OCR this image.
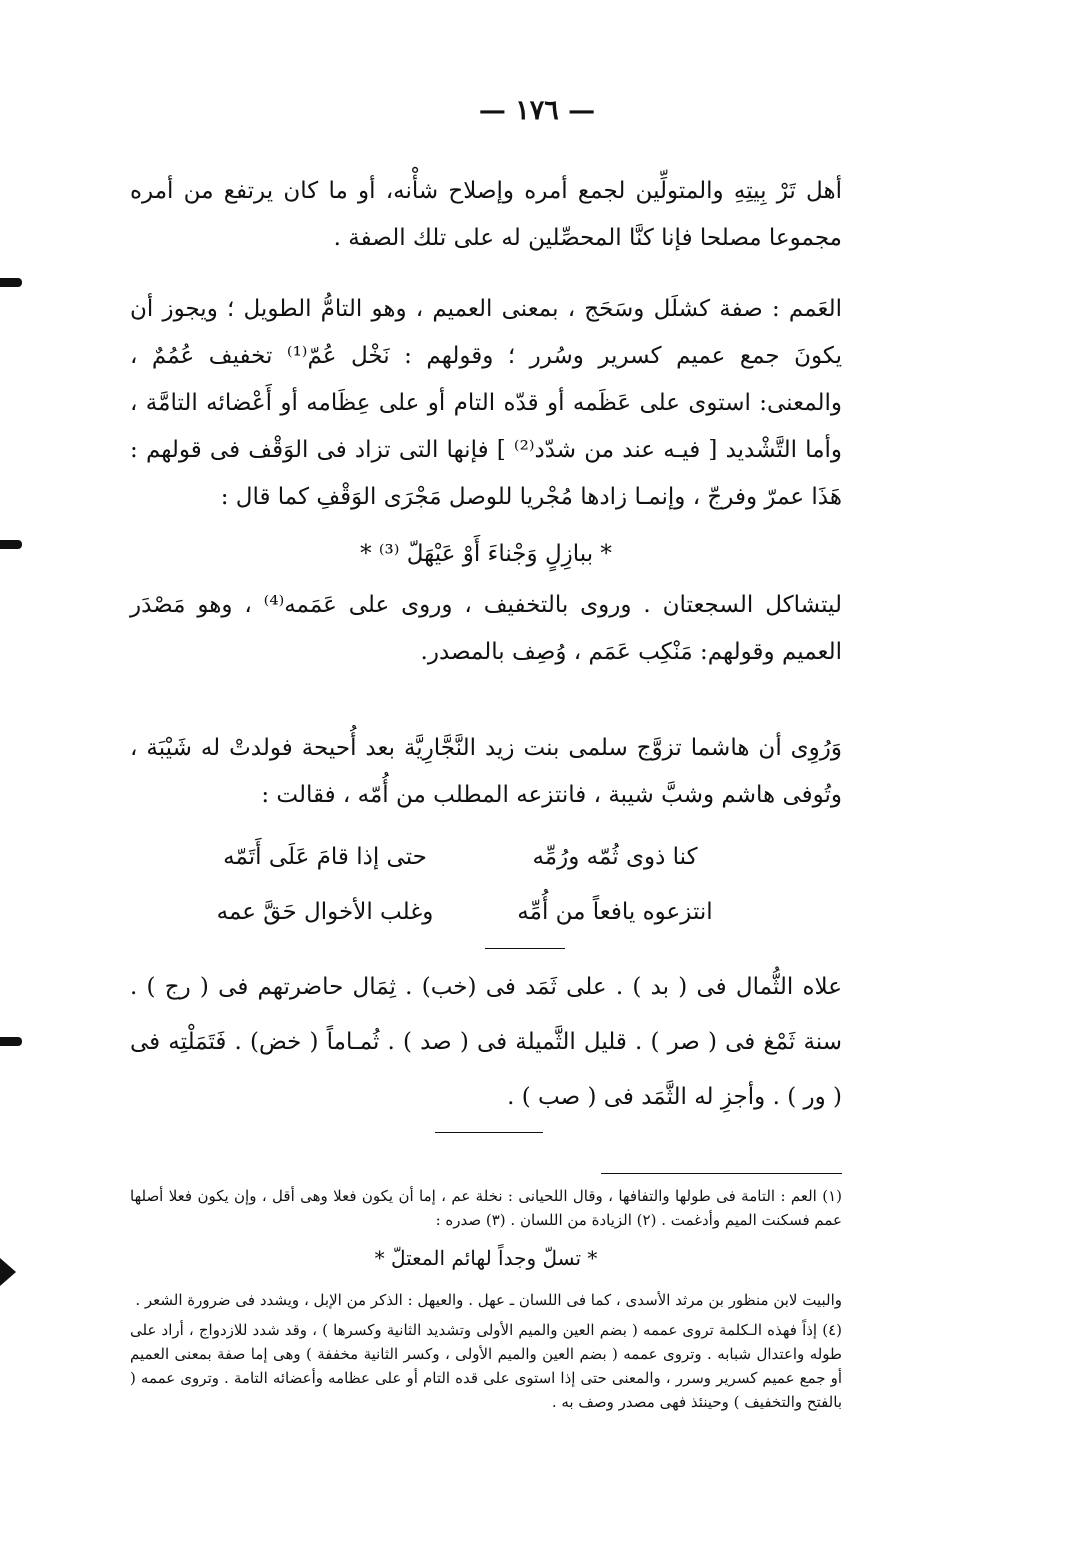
— ١٧٦ —

أهل تَرْ بِيتِهِ والمتولِّين لجمع أمره وإصلاح شأْنه، أو ما كان يرتفع من أمره مجموعا مصلحا فإنا كنَّا المحصِّلين له على تلك الصفة .

العَمم : صفة كشلَل وسَحَج ، بمعنى العميم ، وهو التامُّ الطويل ؛ ويجوز أن يكونَ جمع عميم كسرير وسُرر ؛ وقولهم : نَخْل عُمّ⁽¹⁾ تخفيف عُمُمٌ ، والمعنى: استوى على عَظَمه أو قدّه التام أو على عِظَامه أو أَعْضائه التامَّة ، وأما التَّشْديد [ فيـه عند من شدّد⁽²⁾ ] فإنها التى تزاد فى الوَقْف فى قولهم : هَذَا عمرّ وفرجّ ، وإنمـا زادها مُجْريا للوصل مَجْرَى الوَقْفِ كما قال :

* ببازِلٍ وَجْناءَ أَوْ عَيْهَلّ ⁽³⁾ *

ليتشاكل السجعتان . وروى بالتخفيف ، وروى على عَمَمه⁽⁴⁾ ، وهو مَصْدَر العميم وقولهم: مَنْكِب عَمَم ، وُصِف بالمصدر.

وَرُوِى أن هاشما تزوَّج سلمى بنت زيد النَّجَّارِيَّة بعد أُحيحة فولدتْ له شَيْبَة ، وتُوفى هاشم وشبَّ شيبة ، فانتزعه المطلب من أُمّه ، فقالت :

كنا ذوى ثُمّه ورُمِّه
حتى إذا قامَ عَلَى أَتَمّه
انتزعوه يافعاً من أُمِّه
وغلب الأخوال حَقَّ عمه
علاه الثُّمال فى ( بد ) . على ثَمَد فى (خب) . ثِمَال حاضرتهم فى ( رج ) . سنة ثَمْغ فى ( صر ) . قليل الثَّميلة فى ( صد ) . ثُمـاماً ( خض) . فَتَمَلْتِه فى ( ور ) . وأجزِ له الثَّمَد فى ( صب ) .

(١) العم : التامة فى طولها والتفافها ، وقال اللحيانى : نخلة عم ، إما أن يكون فعلا وهى أقل ، وإن يكون فعلا أصلها عمم فسكنت الميم وأدغمت . (٢) الزيادة من اللسان . (٣) صدره :

* تسلّ وجداً لهائم المعتلّ *

والبيت لابن منظور بن مرثد الأسدى ، كما فى اللسان ـ عهل . والعيهل : الذكر من الإبل ، ويشدد فى ضرورة الشعر .

(٤) إذاً فهذه الـكلمة تروى عممه ( بضم العين والميم الأولى وتشديد الثانية وكسرها ) ، وقد شدد للازدواج ، أراد على طوله واعتدال شبابه . وتروى عممه ( بضم العين والميم الأولى ، وكسر الثانية مخففة ) وهى إما صفة بمعنى العميم أو جمع عميم كسرير وسرر ، والمعنى حتى إذا استوى على قده التام أو على عظامه وأعضائه التامة . وتروى عممه ( بالفتح والتخفيف ) وحينئذ فهى مصدر وصف به .
